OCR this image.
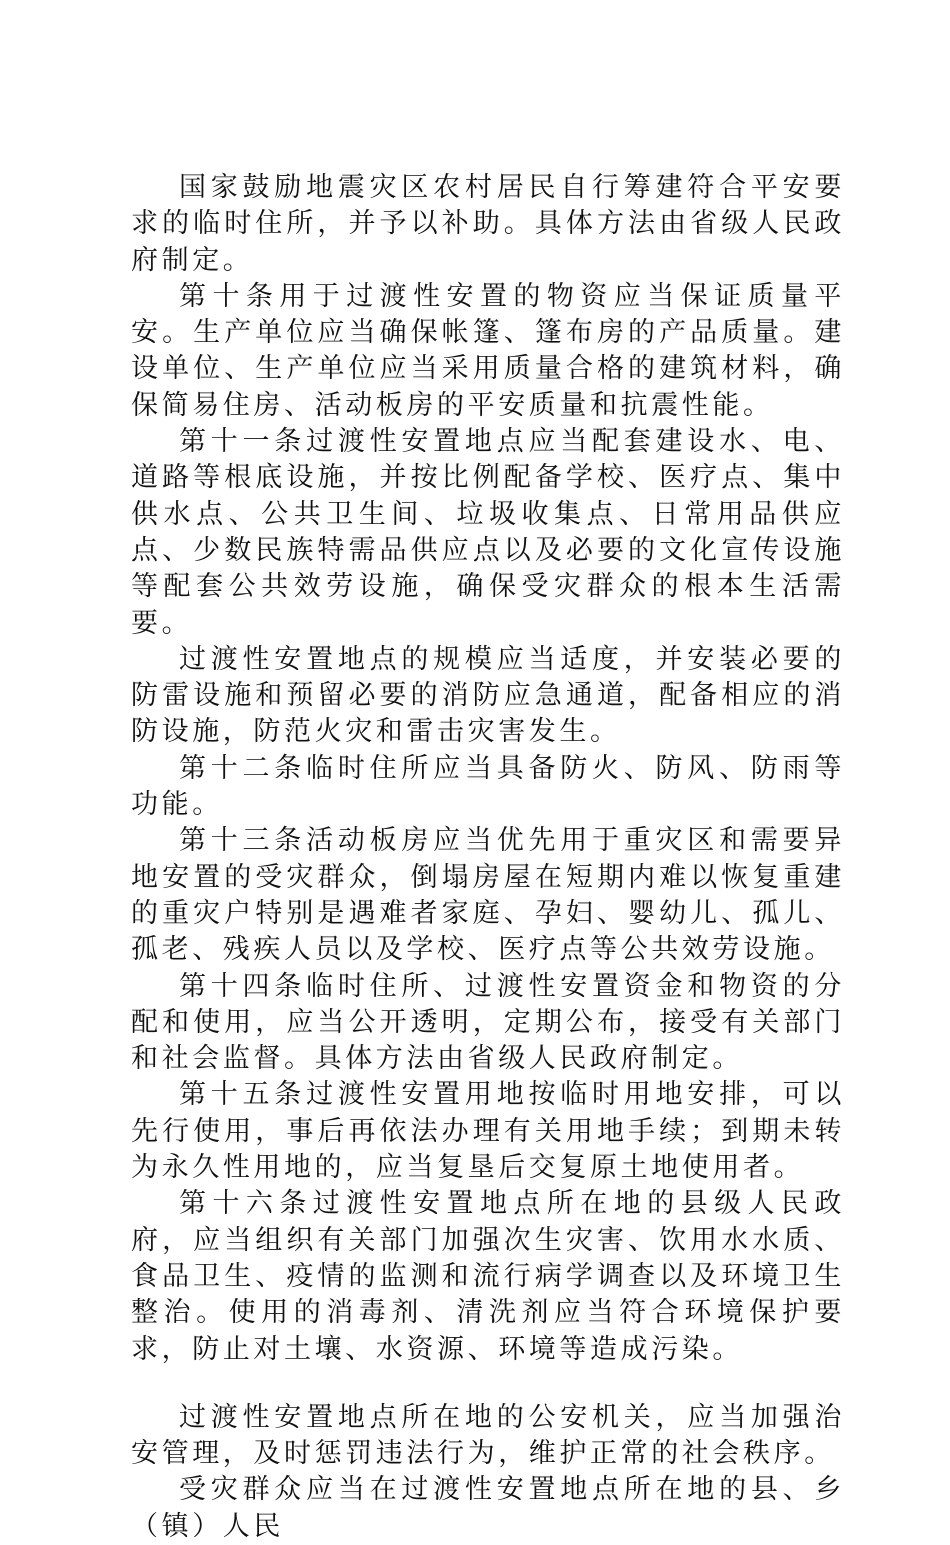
国家鼓励地震灾区农村居民自行筹建符合平安要求的临时住所，并予以补助。具体方法由省级人民政府制定。

第十条用于过渡性安置的物资应当保证质量平安。生产单位应当确保帐篷、篷布房的产品质量。建设单位、生产单位应当采用质量合格的建筑材料，确保简易住房、活动板房的平安质量和抗震性能。

第十一条过渡性安置地点应当配套建设水、电、道路等根底设施，并按比例配备学校、医疗点、集中供水点、公共卫生间、垃圾收集点、日常用品供应点、少数民族特需品供应点以及必要的文化宣传设施等配套公共效劳设施，确保受灾群众的根本生活需要。

过渡性安置地点的规模应当适度，并安装必要的防雷设施和预留必要的消防应急通道，配备相应的消防设施，防范火灾和雷击灾害发生。

第十二条临时住所应当具备防火、防风、防雨等功能。

第十三条活动板房应当优先用于重灾区和需要异地安置的受灾群众，倒塌房屋在短期内难以恢复重建的重灾户特别是遇难者家庭、孕妇、婴幼儿、孤儿、孤老、残疾人员以及学校、医疗点等公共效劳设施。

第十四条临时住所、过渡性安置资金和物资的分配和使用，应当公开透明，定期公布，接受有关部门和社会监督。具体方法由省级人民政府制定。

第十五条过渡性安置用地按临时用地安排，可以先行使用，事后再依法办理有关用地手续；到期未转为永久性用地的，应当复垦后交复原土地使用者。

第十六条过渡性安置地点所在地的县级人民政府，应当组织有关部门加强次生灾害、饮用水水质、食品卫生、疫情的监测和流行病学调查以及环境卫生整治。使用的消毒剂、清洗剂应当符合环境保护要求，防止对土壤、水资源、环境等造成污染。

过渡性安置地点所在地的公安机关，应当加强治安管理，及时惩罚违法行为，维护正常的社会秩序。

受灾群众应当在过渡性安置地点所在地的县、乡（镇）人民
